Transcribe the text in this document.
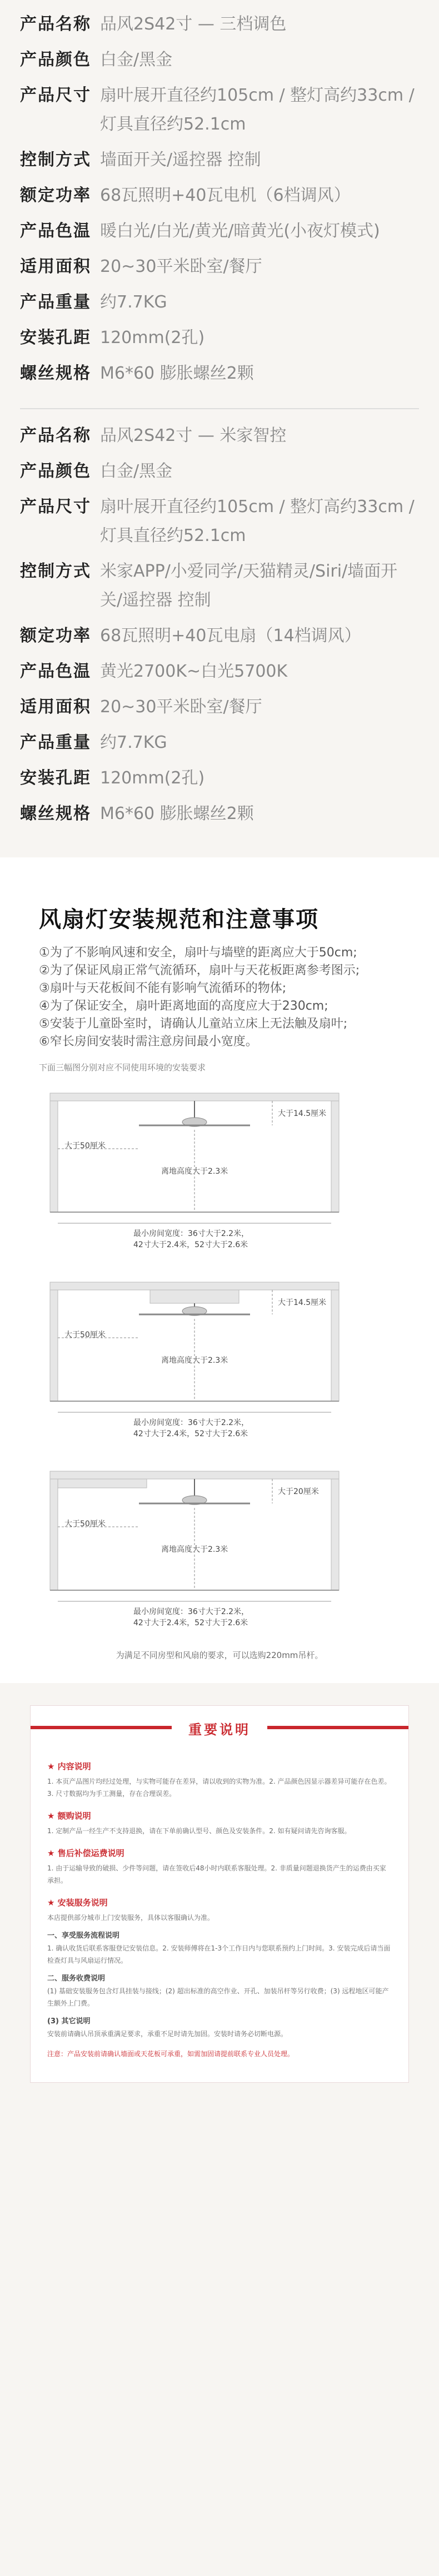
产品名称 品风2S42寸 — 三档调色
产品颜色 白金/黑金
产品尺寸 扇叶展开直径约105cm / 整灯高约33cm / 灯具直径约52.1cm
控制方式 墙面开关/遥控器 控制
额定功率 68瓦照明+40瓦电机（6档调风）
产品色温 暖白光/白光/黄光/暗黄光(小夜灯模式)
适用面积 20~30平米卧室/餐厅
产品重量 约7.7KG
安装孔距 120mm(2孔)
螺丝规格 M6*60 膨胀螺丝2颗
产品名称 品风2S42寸 — 米家智控
产品颜色 白金/黑金
产品尺寸 扇叶展开直径约105cm / 整灯高约33cm / 灯具直径约52.1cm
控制方式 米家APP/小爱同学/天猫精灵/Siri/墙面开关/遥控器 控制
额定功率 68瓦照明+40瓦电扇（14档调风）
产品色温 黄光2700K~白光5700K
适用面积 20~30平米卧室/餐厅
产品重量 约7.7KG
安装孔距 120mm(2孔)
螺丝规格 M6*60 膨胀螺丝2颗
风扇灯安装规范和注意事项
①为了不影响风速和安全，扇叶与墙壁的距离应大于50cm;
②为了保证风扇正常气流循环，扇叶与天花板距离参考图示;
③扇叶与天花板间不能有影响气流循环的物体;
④为了保证安全，扇叶距离地面的高度应大于230cm;
⑤安装于儿童卧室时，请确认儿童站立床上无法触及扇叶;
⑥窄长房间安装时需注意房间最小宽度。
下面三幅图分别对应不同使用环境的安装要求
大于14.5厘米
大于50厘米
离地高度大于2.3米
最小房间宽度：36寸大于2.2米，
42寸大于2.4米，52寸大于2.6米
大于14.5厘米
大于50厘米
离地高度大于2.3米
最小房间宽度：36寸大于2.2米，
42寸大于2.4米，52寸大于2.6米
大于20厘米
大于50厘米
离地高度大于2.3米
最小房间宽度：36寸大于2.2米，
42寸大于2.4米，52寸大于2.6米
为满足不同房型和风扇的要求，可以选购220mm吊杆。
重要说明
★ 内容说明
1. 本页产品图片均经过处理，与实物可能存在差异，请以收到的实物为准。2. 产品颜色因显示器差异可能存在色差。3. 尺寸数据均为手工测量，存在合理误差。
★ 额购说明
1. 定制产品一经生产不支持退换，请在下单前确认型号、颜色及安装条件。2. 如有疑问请先咨询客服。
★ 售后补偿运费说明
1. 由于运输导致的破损、少件等问题，请在签收后48小时内联系客服处理。2. 非质量问题退换货产生的运费由买家承担。
★ 安装服务说明
本店提供部分城市上门安装服务，具体以客服确认为准。
一、享受服务流程说明
1. 确认收货后联系客服登记安装信息。2. 安装师傅将在1-3个工作日内与您联系预约上门时间。3. 安装完成后请当面检查灯具与风扇运行情况。
二、服务收费说明
(1) 基础安装服务包含灯具挂装与接线；(2) 超出标准的高空作业、开孔、加装吊杆等另行收费；(3) 远程地区可能产生额外上门费。
(3) 其它说明
安装前请确认吊顶承重满足要求，承重不足时请先加固。安装时请务必切断电源。
注意：产品安装前请确认墙面或天花板可承重，如需加固请提前联系专业人员处理。
